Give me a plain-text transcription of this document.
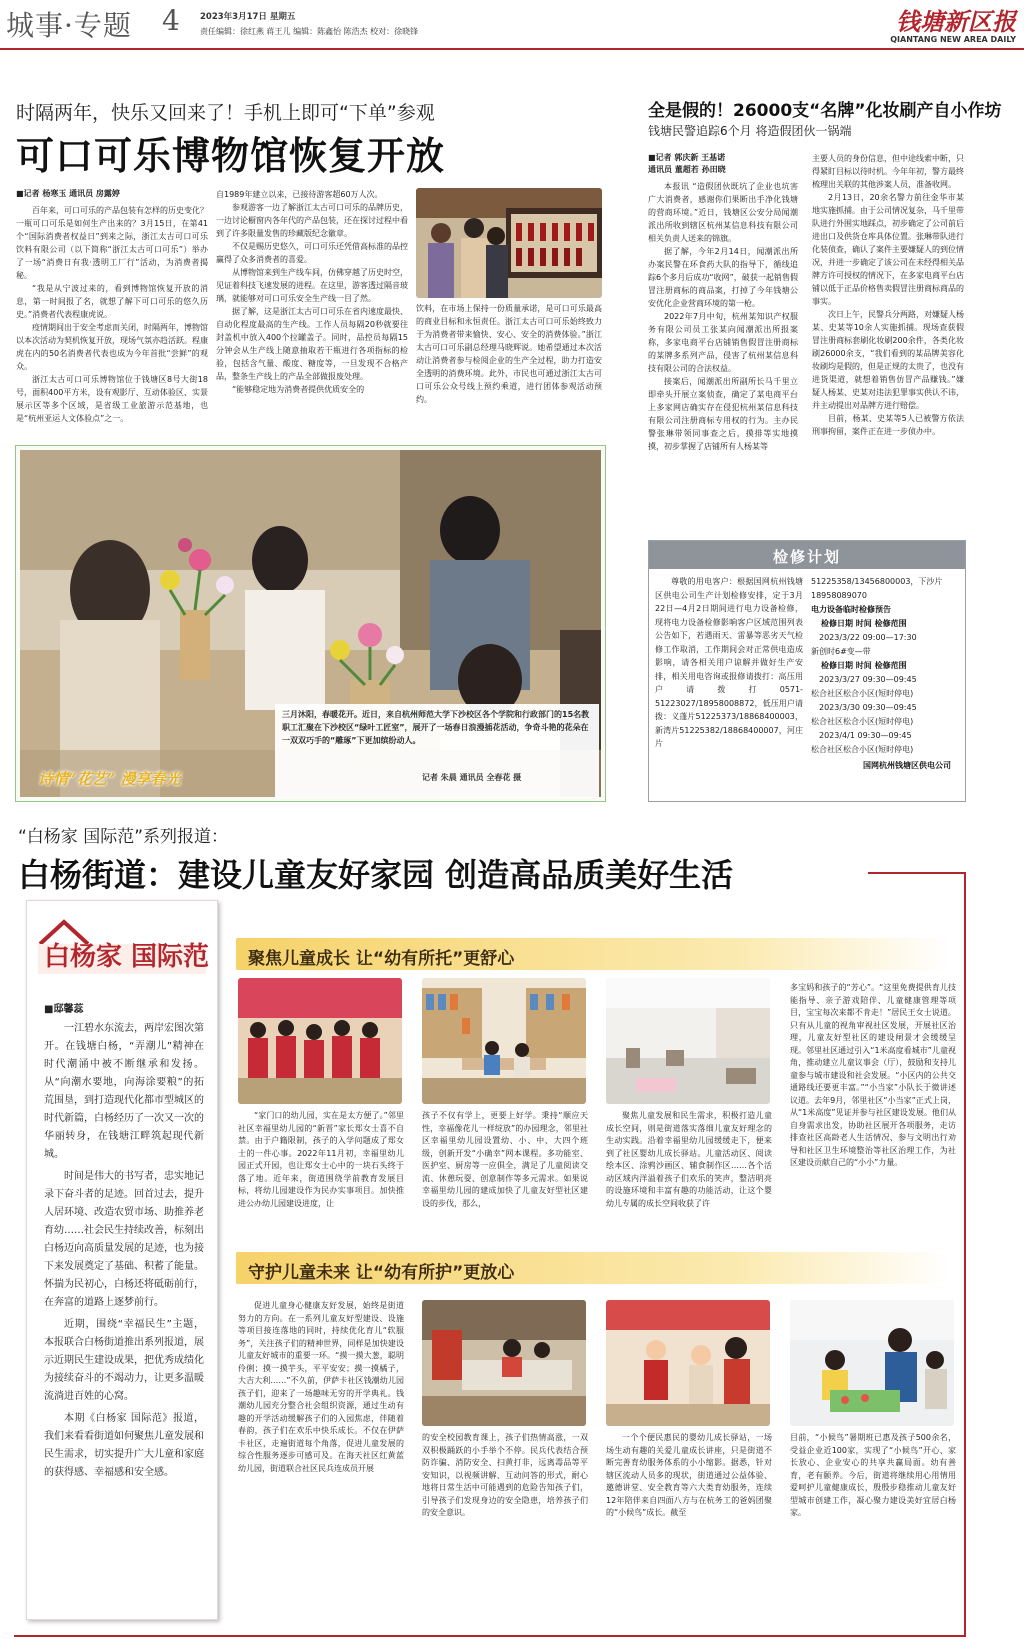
城事·专题 4 2023年3月17日 星期五
责任编辑：徐红燕 蒋王儿 编辑：陈鑫怡 陈浩杰 校对：徐晓锋	钱塘新区报
QIANTANG NEW AREA DAILY
时隔两年，快乐又回来了！手机上即可“下单”参观
可口可乐博物馆恢复开放
■记者 杨寒玉 通讯员 房露婷

百年来，可口可乐的产品包装有怎样的历史变化？一瓶可口可乐是如何生产出来的？3月15日，在第41个“国际消费者权益日”到来之际，浙江太古可口可乐饮料有限公司（以下简称“浙江太古可口可乐”）举办了一场“消费日有我·透明工厂行”活动，为消费者揭秘。

“我是从宁波过来的，看到博物馆恢复开放的消息，第一时间报了名，就想了解下可口可乐的悠久历史。”消费者代表程康虎说。

疫情期间出于安全考虑而关闭，时隔两年，博物馆以本次活动为契机恢复开放，现场气氛亦趋活跃。程康虎在内的50名消费者代表也成为今年首批“尝鲜”的观众。

浙江太古可口可乐博物馆位于钱塘区8号大街18号，面积400平方米，设有观影厅、互动体验区、实景展示区等多个区域，是省级工业旅游示范基地，也是“杭州亚运人文体验点”之一。

自1989年建立以来，已接待游客超60万人次。

参观游客一边了解浙江太古可口可乐的品牌历史，一边讨论橱窗内各年代的产品包装，还在探讨过程中看到了许多限量发售的珍藏版纪念徽章。

不仅是赐历史悠久，可口可乐还凭借高标准的品控赢得了众多消费者的喜爱。

从博物馆来到生产线车间，仿佛穿越了历史时空，见证着科技飞速发展的进程。在这里，游客透过隔音玻璃，就能够对可口可乐安全生产线一目了然。

据了解，这是浙江太古可口可乐在省内速度最快、自动化程度最高的生产线。工作人员每隔20秒就要往封盖机中放入400个拉罐盖子。同时，品控员每隔15分钟会从生产线上随意抽取若干瓶进行各项指标的检验，包括含气量、酸度、糖度等，一旦发现不合格产品，整条生产线上的产品全部做报废处理。

“能够稳定地为消费者提供优质安全的

饮料，在市场上保持一份质量承诺，是可口可乐最高的商业目标和永恒责任。浙江太古可口可乐始终致力于为消费者带来愉快、安心、安全的消费体验。”浙江太古可口可乐副总经理马晓辉说。她希望通过本次活动让消费者参与检阅企业的生产全过程，助力打造安全透明的消费环境。此外，市民也可通过浙江太古可口可乐公众号线上预约乘道，进行团体参观活动预约。

三月沐阳，春暖花开。近日，来自杭州师范大学下沙校区各个学院和行政部门的15名教职工汇聚在下沙校区“绿叶工匠室”，展开了一场春日浪漫插花活动，争奇斗艳的花朵在一双双巧手的“雕琢”下更加缤纷动人。
记者 朱晨 通讯员 全春花 摄
诗情“花艺” 漫享春光
全是假的！26000支“名牌”化妆刷产自小作坊
钱塘民警追踪6个月 将造假团伙一锅端
■记者 郭庆新 王基诺
通讯员 董超若 孙田晓

本报讯 “造假团伙既坑了企业也坑害广大消费者，感谢你们果断出手净化钱塘的营商环境。”近日，钱塘区公安分局闻潮派出所收到辖区杭州某信息科技有限公司相关负责人送来的锦旗。

据了解，今年2月14日，闻潮派出所办案民警在环食药大队的指导下，循线追踪6个多月后成功“收网”，破获一起销售假冒注册商标的商品案，打掉了今年钱塘公安优化企业营商环境的第一枪。

2022年7月中旬，杭州某知识产权服务有限公司员工张某向闻潮派出所报案称，多家电商平台店铺销售假冒注册商标的某牌多系列产品，侵害了杭州某信息科技有限公司的合法权益。

接案后，闻潮派出所副所长马千里立即牵头开展立案侦查，确定了某电商平台上多家网店确实存在侵犯杭州某信息科技有限公司注册商标专用权的行为。主办民警张琳带领同事查之后，摸排等实地摸摸，初步掌握了店铺所有人杨某等

主要人员的身份信息，但中途线索中断，只得紧盯目标以待时机。今年年初，警方最终梳理出关联的其他涉案人员，准备收网。

2月13日，20余名警力前往金华市某地实施抓捕。由于公司情况复杂，马千里带队进行外围实地踩点，初步确定了公司前后进出口及供货仓库具体位置。张琳带队进行化装侦查，确认了案件主要嫌疑人的到位情况，并进一步确定了该公司在未经得相关品牌方许可授权的情况下，在多家电商平台店铺以低于正品价格售卖假冒注册商标商品的事实。

次日上午，民警兵分两路，对嫌疑人杨某、史某等10余人实施抓捕。现场查获假冒注册商标套刷化妆刷200余件，各类化妆刷26000余支，“我们看到的某品牌美容化妆刷均是假的，但是正规的太贵了，也没有进货渠道，就想着销售仿冒产品赚钱。”嫌疑人杨某、史某对违法犯罪事实供认不讳，并主动提出对品牌方进行赔偿。

目前，杨某、史某等5人已被警方依法刑事拘留，案件正在进一步侦办中。

检修计划
尊敬的用电客户：根据国网杭州钱塘区供电公司生产计划检修安排，定于3月22日—4月2日期间进行电力设备检修，现将电力设备检修影响客户区域范围列表公告如下，若遇雨天、雷暴等恶劣天气检修工作取消，工作期间会对正常供电造成影响，请各相关用户谅解并做好生产安排，相关用电咨询或报修请拨打：高压用户请拨打0571-51223027/18958008872，低压用户请拨：义蓬片51225373/18868400003，新湾片51225382/18868400007，河庄片
51225358/13456800003，下沙片18958089070
电力设备临时检修预告
检修日期 时间 检修范围
2023/3/22 09:00—17:30
新创时6#变—带
检修日期 时间 检修范围
2023/3/27 09:30—09:45
松合社区松合小区(短时停电)
2023/3/30 09:30—09:45
松合社区松合小区(短时停电)
2023/4/1 09:30—09:45
松合社区松合小区(短时停电)
国网杭州钱塘区供电公司
“白杨家 国际范”系列报道：
白杨街道：建设儿童友好家园 创造高品质美好生活
白杨家 国际范
■邸馨蕊

一江碧水东流去，两岸宏图次第开。在钱塘白杨，“弄潮儿”精神在时代潮涌中被不断继承和发扬。从“向潮水要地，向海涂要粮”的拓荒围垦，到打造现代化都市型城区的时代新篇，白杨经历了一次又一次的华丽转身，在钱塘江畔筑起现代新城。

时间是伟大的书写者，忠实地记录下奋斗者的足迹。回首过去，提升人居环境、改造农贸市场、助推养老育幼……社会民生持续改善，标刻出白杨迈向高质量发展的足迹，也为接下来发展奠定了基础、积蓄了能量。怀揣为民初心，白杨还将砥砺前行，在奔富的道路上逐梦前行。

近期，围绕“幸福民生”主题，本报联合白杨街道推出系列报道，展示近期民生建设成果，把优秀成绩化为接续奋斗的不竭动力，让更多温暖流淌进百姓的心窝。

本期《白杨家 国际范》报道，我们来看看街道如何聚焦儿童发展和民生需求，切实提升广大儿童和家庭的获得感、幸福感和安全感。

聚焦儿童成长 让“幼有所托”更舒心
“家门口的幼儿园，实在是太方便了。”邻里社区幸福里幼儿园的“新晋”家长郑女士喜不自禁。由于户籍限制，孩子的入学问题成了郑女士的一件心事。2022年11月初，幸福里幼儿园正式开园，也让郑女士心中的一块石头终于落了地。近年来，街道围绕学前教育发展目标，将幼儿园建设作为民办实事项目。加快推进公办幼儿园建设进度，让
孩子不仅有学上，更要上好学。秉持“顺应天性，幸福像花儿一样绽放”的办园理念，邻里社区幸福里幼儿园设置幼、小、中、大四个班级，创新开发“小确幸”网本课程。多功能室、医护室、厨房等一应俱全，满足了儿童阅读交流、休憩玩耍、创意制作等多元需求。如果说幸福里幼儿园的建成加快了儿童友好型社区建设的步伐，那么，
聚焦儿童发展和民生需求，积极打造儿童成长空间，则是街道落实落细儿童友好理念的生动实践。沿着幸福里幼儿园缓缓走下，便来到了社区婴幼儿成长驿站。儿童活动区、阅读绘本区、涂鸦沙画区、辅食制作区……各个活动区域内洋溢着孩子们欢乐的笑声，整洁明亮的设施环境和丰富有趣的功能活动，让这个婴幼儿专属的成长空间收获了许
多宝妈和孩子的“芳心”。“这里免费提供育儿技能指导、亲子游戏陪伴、儿童健康管理等项目，宝宝每次来都不肯走！”居民王女士说道。只有从儿童的视角审视社区发展，开展社区治理，儿童友好型社区的建设闸景才会缓缓呈现。邻里社区通过引入“1米高度看城市”儿童视角，推动建立儿童议事会（厅），鼓励和支持儿童参与城市建设和社会发展。“小区内的公共交通路线还要更丰富。”“小当家”小队长于微讲述议道。去年9月，邻里社区“小当家”正式上岗，从“1米高度”见证并参与社区建设发展。他们从自身需求出发，协助社区展开各项服务，走访排查社区高龄老人生活情况、参与文明出行劝导和社区卫生环境整治等社区治理工作，为社区建设贡献自己的“小小”力量。
守护儿童未来 让“幼有所护”更放心
促进儿童身心健康友好发展，始终是街道努力的方向。在一系列儿童友好型建设、设施等项目接连落地的同时，持续优化育儿“软服务”，关注孩子们的精神世界，同样是加快建设儿童友好城市的重要一环。“摸一摸大葱，聪明伶俐；摸一摸芋头，平平安安；摸一摸橘子，大吉大利……”不久前，伊萨卡社区钱潮幼儿园孩子们，迎来了一场趣味无穷的开学典礼。钱潮幼儿园充分整合社会组织资源，通过生动有趣的开学活动缓解孩子们的入园焦虑，伴随着春韵，孩子们在欢乐中快乐成长。不仅在伊萨卡社区，走遍街道每个角落，促进儿童发展的综合性服务逐步可感可及。在海天社区红黄蓝幼儿园，街道联合社区民兵连成员开展
的安全校园教育课上，孩子们热情高涨，一双双积极踊跃的小手举个不停。民兵代表结合预防诈骗、消防安全、扫黄打非，远离毒品等平安知识，以视频讲解、互动问答的形式，耐心地将日常生活中可能遇到的危险告知孩子们，引导孩子们发现身边的安全隐患，培养孩子们的安全意识。
一个个便民惠民的婴幼儿成长驿站，一场场生动有趣的关爱儿童成长讲座，只是街道不断完善育幼服务体系的小小缩影。据悉，针对辖区流动人员多的现状，街道通过公益体验、邀德讲堂、安全教育等六大类育幼服务，连续12年陪伴来自四面八方与在杭务工的爸妈团聚的“小候鸟”成长。截至
目前，“小候鸟”暑期班已惠及孩子500余名，受益企业近100家，实现了“小候鸟”开心、家长放心、企业安心的共享共赢局面。幼有善育，老有颐养。今后，街道将继续用心用情用爱呵护儿童健康成长，殷殷步稳推动儿童友好型城市创建工作，凝心聚力建设美好宜居白杨家。
